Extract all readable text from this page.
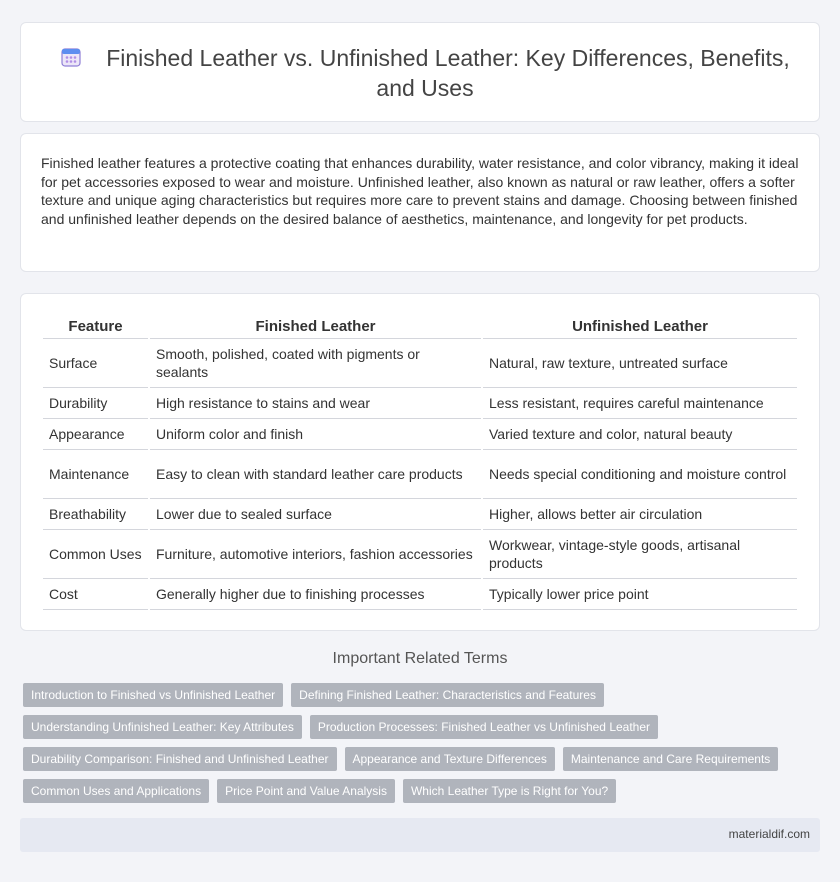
Finished Leather vs. Unfinished Leather: Key Differences, Benefits, and Uses

Finished leather features a protective coating that enhances durability, water resistance, and color vibrancy, making it ideal for pet accessories exposed to wear and moisture. Unfinished leather, also known as natural or raw leather, offers a softer texture and unique aging characteristics but requires more care to prevent stains and damage. Choosing between finished and unfinished leather depends on the desired balance of aesthetics, maintenance, and longevity for pet products.

Feature	Finished Leather	Unfinished Leather
Surface	Smooth, polished, coated with pigments or sealants	Natural, raw texture, untreated surface
Durability	High resistance to stains and wear	Less resistant, requires careful maintenance
Appearance	Uniform color and finish	Varied texture and color, natural beauty
Maintenance	Easy to clean with standard leather care products	Needs special conditioning and moisture control
Breathability	Lower due to sealed surface	Higher, allows better air circulation
Common Uses	Furniture, automotive interiors, fashion accessories	Workwear, vintage-style goods, artisanal products
Cost	Generally higher due to finishing processes	Typically lower price point
Important Related Terms
Introduction to Finished vs Unfinished Leather	Defining Finished Leather: Characteristics and Features
Understanding Unfinished Leather: Key Attributes	Production Processes: Finished Leather vs Unfinished Leather
Durability Comparison: Finished and Unfinished Leather	Appearance and Texture Differences	Maintenance and Care Requirements
Common Uses and Applications	Price Point and Value Analysis	Which Leather Type is Right for You?
materialdif.com
